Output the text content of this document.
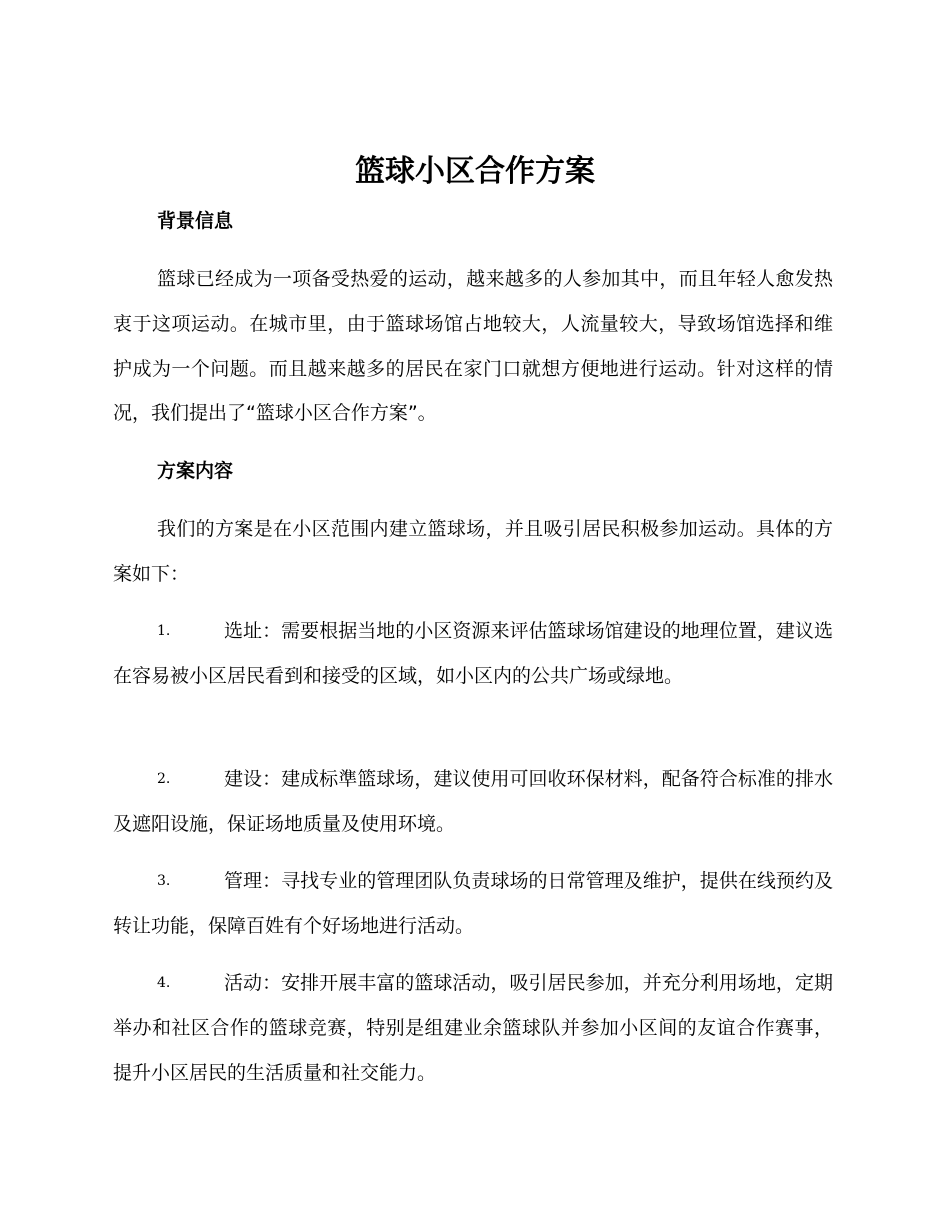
篮球小区合作方案
背景信息
篮球已经成为一项备受热爱的运动，越来越多的人参加其中，而且年轻人愈发热衷于这项运动。在城市里，由于篮球场馆占地较大，人流量较大，导致场馆选择和维护成为一个问题。而且越来越多的居民在家门口就想方便地进行运动。针对这样的情况，我们提出了“篮球小区合作方案”。
方案内容
我们的方案是在小区范围内建立篮球场，并且吸引居民积极参加运动。具体的方案如下：
1.	选址：需要根据当地的小区资源来评估篮球场馆建设的地理位置，建议选在容易被小区居民看到和接受的区域，如小区内的公共广场或绿地。
2.	建设：建成标準篮球场，建议使用可回收环保材料，配备符合标准的排水及遮阳设施，保证场地质量及使用环境。
3.	管理：寻找专业的管理团队负责球场的日常管理及维护，提供在线预约及转让功能，保障百姓有个好场地进行活动。
4.	活动：安排开展丰富的篮球活动，吸引居民参加，并充分利用场地，定期举办和社区合作的篮球竞赛，特别是组建业余篮球队并参加小区间的友谊合作赛事，提升小区居民的生活质量和社交能力。
